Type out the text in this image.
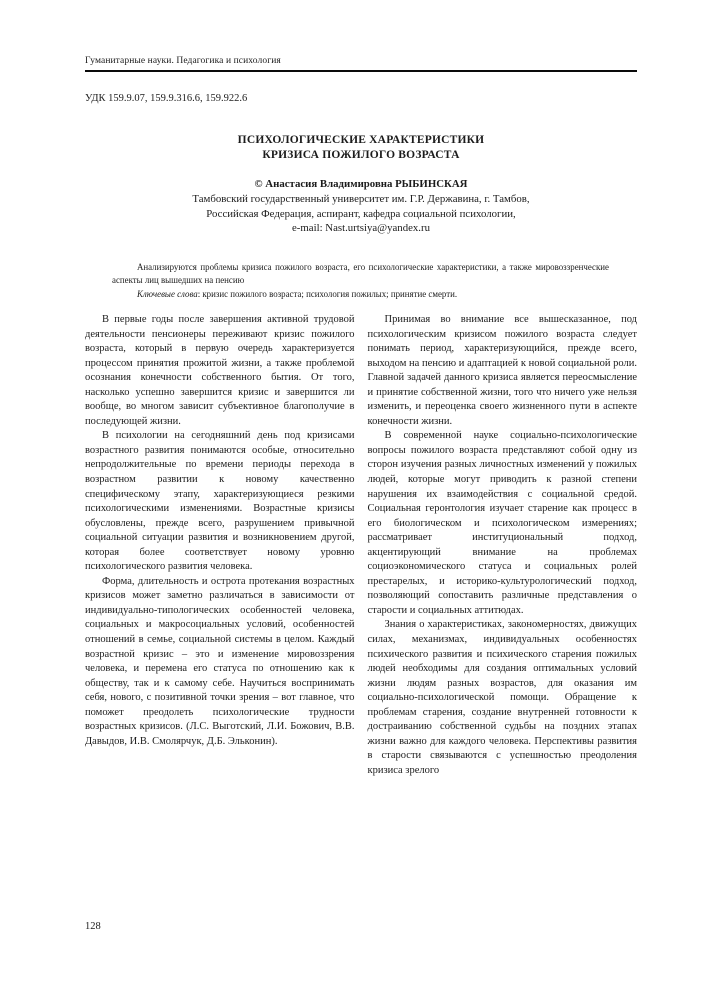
Гуманитарные науки. Педагогика и психология
УДК 159.9.07, 159.9.316.6, 159.922.6
ПСИХОЛОГИЧЕСКИЕ ХАРАКТЕРИСТИКИ
КРИЗИСА ПОЖИЛОГО ВОЗРАСТА
© Анастасия Владимировна РЫБИНСКАЯ
Тамбовский государственный университет им. Г.Р. Державина, г. Тамбов,
Российская Федерация, аспирант, кафедра социальной психологии,
e-mail: Nast.urtsiya@yandex.ru

Анализируются проблемы кризиса пожилого возраста, его психологические характеристики, а также мировоззренческие аспекты лиц вышедших на пенсию

Ключевые слова: кризис пожилого возраста; психология пожилых; принятие смерти.

В первые годы после завершения активной трудовой деятельности пенсионеры переживают кризис пожилого возраста, который в первую очередь характеризуется процессом принятия прожитой жизни, а также проблемой осознания конечности собственного бытия. От того, насколько успешно завершится кризис и завершится ли вообще, во многом зависит субъективное благополучие в последующей жизни.

В психологии на сегодняшний день под кризисами возрастного развития понимаются особые, относительно непродолжительные по времени периоды перехода в возрастном развитии к новому качественно специфическому этапу, характеризующиеся резкими психологическими изменениями. Возрастные кризисы обусловлены, прежде всего, разрушением привычной социальной ситуации развития и возникновением другой, которая более соответствует новому уровню психологического развития человека.

Форма, длительность и острота протекания возрастных кризисов может заметно различаться в зависимости от индивидуально-типологических особенностей человека, социальных и макросоциальных условий, особенностей отношений в семье, социальной системы в целом. Каждый возрастной кризис – это и изменение мировоззрения человека, и перемена его статуса по отношению как к обществу, так и к самому себе. Научиться воспринимать себя, нового, с позитивной точки зрения – вот главное, что поможет преодолеть психологические трудности возрастных кризисов. (Л.С. Выготский, Л.И. Божович, В.В. Давыдов, И.В. Смолярчук, Д.Б. Эльконин).

Принимая во внимание все вышесказанное, под психологическим кризисом пожилого возраста следует понимать период, характеризующийся, прежде всего, выходом на пенсию и адаптацией к новой социальной роли. Главной задачей данного кризиса является переосмысление и принятие собственной жизни, того что ничего уже нельзя изменить, и переоценка своего жизненного пути в аспекте конечности жизни.

В современной науке социально-психологические вопросы пожилого возраста представляют собой одну из сторон изучения разных личностных изменений у пожилых людей, которые могут приводить к разной степени нарушения их взаимодействия с социальной средой. Социальная геронтология изучает старение как процесс в его биологическом и психологическом измерениях; рассматривает институциональный подход, акцентирующий внимание на проблемах социоэкономического статуса и социальных ролей престарелых, и историко-культурологический подход, позволяющий сопоставить различные представления о старости и социальных аттитюдах.

Знания о характеристиках, закономерностях, движущих силах, механизмах, индивидуальных особенностях психического развития и психического старения пожилых людей необходимы для создания оптимальных условий жизни людям разных возрастов, для оказания им социально-психологической помощи. Обращение к проблемам старения, создание внутренней готовности к достраиванию собственной судьбы на поздних этапах жизни важно для каждого человека. Перспективы развития в старости связываются с успешностью преодоления кризиса зрелого

128
